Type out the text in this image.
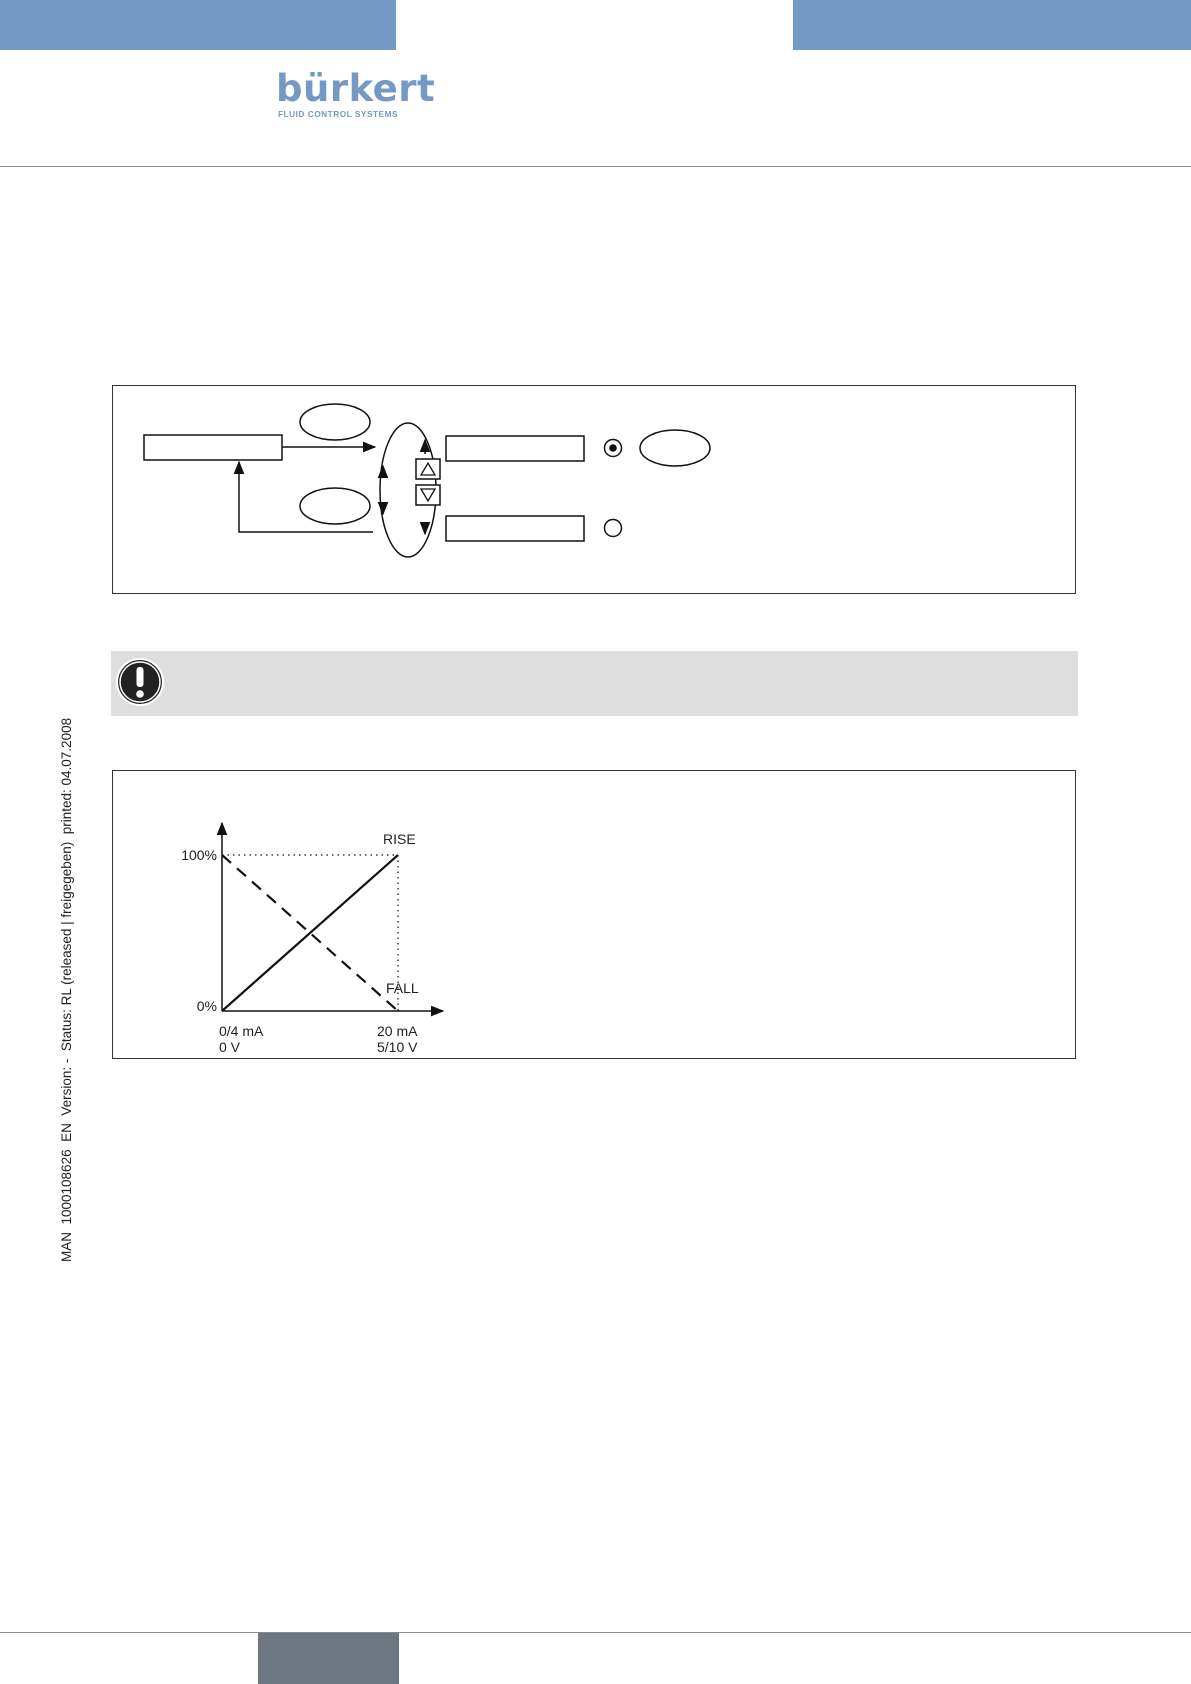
bürkert
FLUID CONTROL SYSTEMS
MAN  1000108626  EN  Version: -  Status: RL (released | freigegeben)  printed: 04.07.2008	100%
0%
RISE
FALL
0/4 mA
0 V
20 mA
5/10 V
